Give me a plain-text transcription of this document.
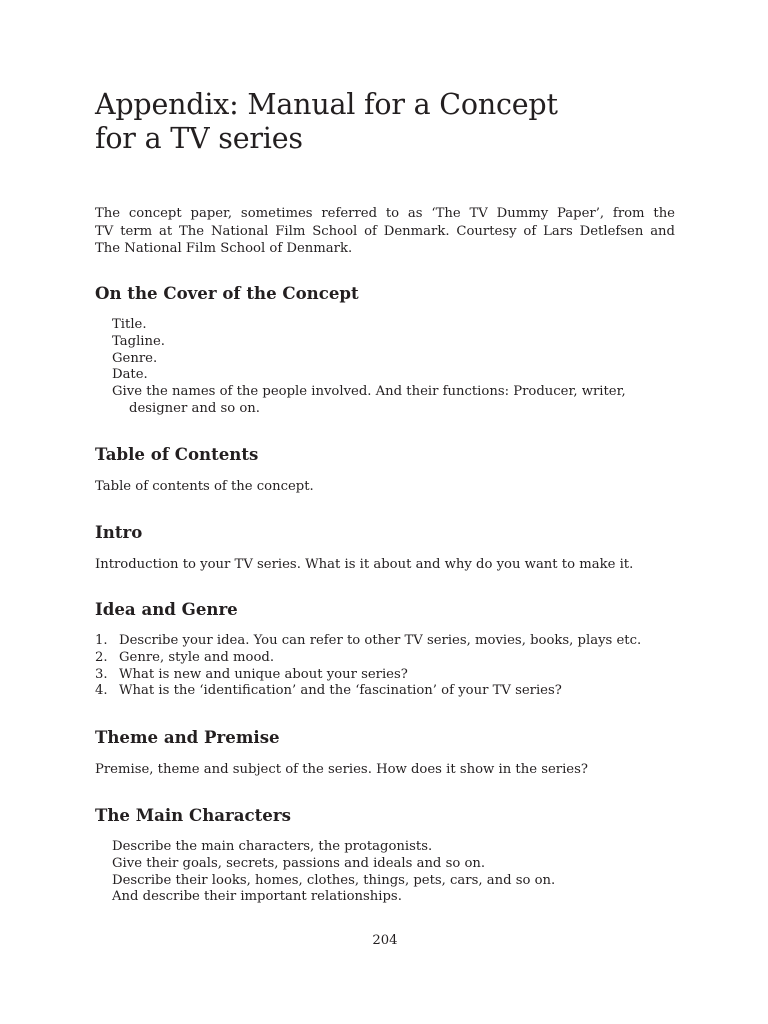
Appendix: Manual for a Concept
for a TV series

The concept paper, sometimes referred to as ‘The TV Dummy Paper’, from the
TV term at The National Film School of Denmark. Courtesy of Lars Detlefsen and
The National Film School of Denmark.

On the Cover of the Concept
Title.
Tagline.
Genre.
Date.
Give the names of the people involved. And their functions: Producer, writer, designer and so on.
Table of Contents

Table of contents of the concept.

Intro

Introduction to your TV series. What is it about and why do you want to make it.

Idea and Genre
1. Describe your idea. You can refer to other TV series, movies, books, plays etc.
2. Genre, style and mood.
3. What is new and unique about your series?
4. What is the ‘identification’ and the ‘fascination’ of your TV series?
Theme and Premise

Premise, theme and subject of the series. How does it show in the series?

The Main Characters
Describe the main characters, the protagonists.
Give their goals, secrets, passions and ideals and so on.
Describe their looks, homes, clothes, things, pets, cars, and so on.
And describe their important relationships.

204
